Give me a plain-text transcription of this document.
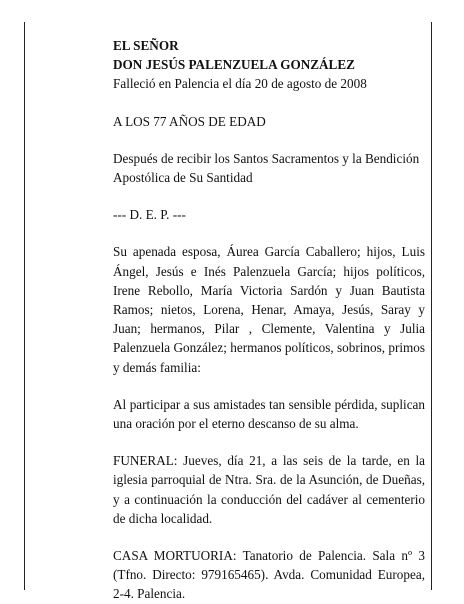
EL SEÑOR

DON JESÚS PALENZUELA GONZÁLEZ

Falleció en Palencia el día 20 de agosto de 2008

A LOS 77 AÑOS DE EDAD

Después de recibir los Santos Sacramentos y la Bendición Apostólica de Su Santidad

--- D. E. P. ---

Su apenada esposa, Áurea García Caballero; hijos, Luis Ángel, Jesús e Inés Palenzuela García; hijos políticos, Irene Rebollo, María Victoria Sardón y Juan Bautista Ramos; nietos, Lorena, Henar, Amaya, Jesús, Saray y Juan; hermanos, Pilar , Clemente, Valentina y Julia Palenzuela González; hermanos políticos, sobrinos, primos y demás familia:

Al participar a sus amistades tan sensible pérdida, suplican una oración por el eterno descanso de su alma.

FUNERAL: Jueves, día 21, a las seis de la tarde, en la iglesia parroquial de Ntra. Sra. de la Asunción, de Dueñas, y a continuación la conducción del cadáver al cementerio de dicha localidad.

CASA MORTUORIA: Tanatorio de Palencia. Sala nº 3 (Tfno. Directo: 979165465). Avda. Comunidad Europea, 2-4. Palencia.
